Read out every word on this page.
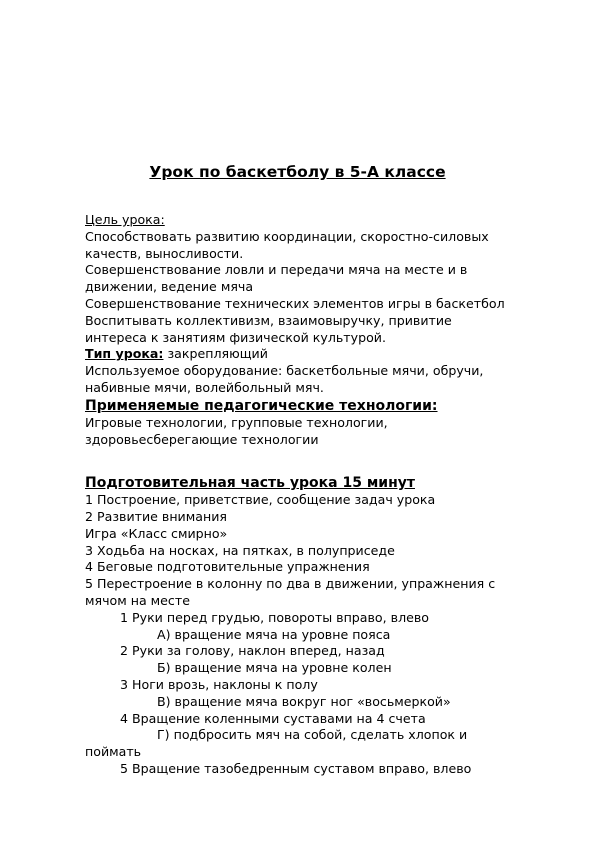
Урок по баскетболу в 5-А классе
Цель урока:
Способствовать развитию координации, скоростно-силовых
качеств, выносливости.
Совершенствование ловли и передачи мяча на месте и в
движении, ведение мяча
Совершенствование технических элементов игры в баскетбол
Воспитывать коллективизм, взаимовыручку, привитие
интереса к занятиям физической культурой.
Тип урока: закрепляющий
Используемое оборудование: баскетбольные мячи, обручи,
набивные мячи, волейбольный мяч.
Применяемые педагогические технологии:
Игровые технологии, групповые технологии,
здоровьесберегающие технологии
Подготовительная часть урока 15 минут
1 Построение, приветствие, сообщение задач урока
2 Развитие внимания
Игра «Класс смирно»
3 Ходьба на носках, на пятках, в полуприседе
4 Беговые подготовительные упражнения
5 Перестроение в колонну по два в движении, упражнения с
мячом на месте
1 Руки перед грудью, повороты вправо, влево
А) вращение мяча на уровне пояса
2 Руки за голову, наклон вперед, назад
Б) вращение мяча на уровне колен
3 Ноги врозь, наклоны к полу
В) вращение мяча вокруг ног «восьмеркой»
4 Вращение коленными суставами на 4 счета
Г) подбросить мяч на собой, сделать хлопок и
поймать
5 Вращение тазобедренным суставом вправо, влево
